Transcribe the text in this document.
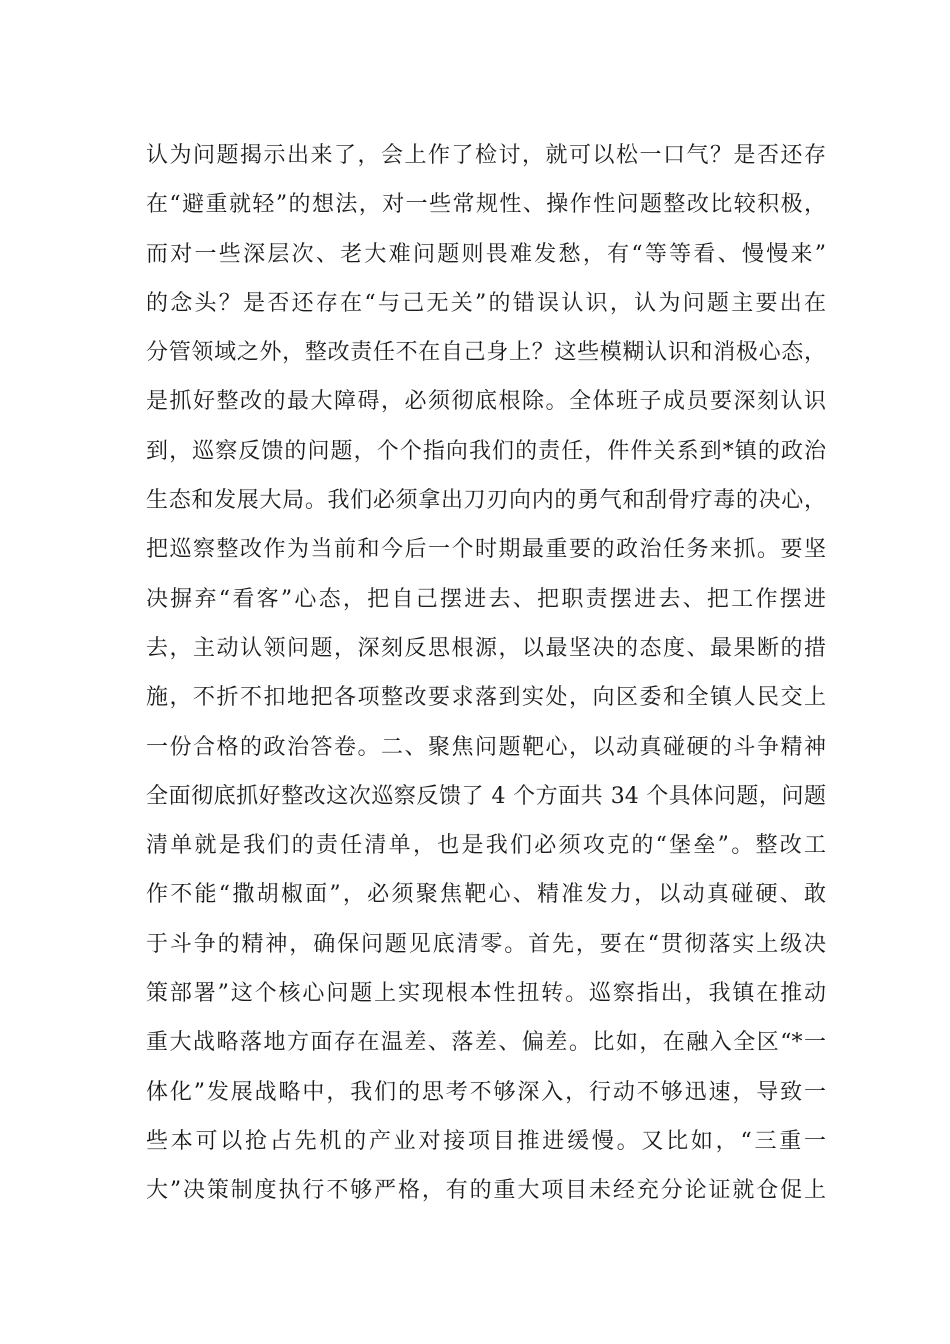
认为问题揭示出来了，会上作了检讨，就可以松一口气？是否还存
在“避重就轻”的想法，对一些常规性、操作性问题整改比较积极，
而对一些深层次、老大难问题则畏难发愁，有“等等看、慢慢来”
的念头？是否还存在“与己无关”的错误认识，认为问题主要出在
分管领域之外，整改责任不在自己身上？这些模糊认识和消极心态，
是抓好整改的最大障碍，必须彻底根除。全体班子成员要深刻认识
到，巡察反馈的问题，个个指向我们的责任，件件关系到*镇的政治
生态和发展大局。我们必须拿出刀刃向内的勇气和刮骨疗毒的决心，
把巡察整改作为当前和今后一个时期最重要的政治任务来抓。要坚
决摒弃“看客”心态，把自己摆进去、把职责摆进去、把工作摆进
去，主动认领问题，深刻反思根源，以最坚决的态度、最果断的措
施，不折不扣地把各项整改要求落到实处，向区委和全镇人民交上
一份合格的政治答卷。二、聚焦问题靶心，以动真碰硬的斗争精神
全面彻底抓好整改这次巡察反馈了 4 个方面共 34 个具体问题，问题
清单就是我们的责任清单，也是我们必须攻克的“堡垒”。整改工
作不能“撒胡椒面”，必须聚焦靶心、精准发力，以动真碰硬、敢
于斗争的精神，确保问题见底清零。首先，要在“贯彻落实上级决
策部署”这个核心问题上实现根本性扭转。巡察指出，我镇在推动
重大战略落地方面存在温差、落差、偏差。比如，在融入全区“*一
体化”发展战略中，我们的思考不够深入，行动不够迅速，导致一
些本可以抢占先机的产业对接项目推进缓慢。又比如，“三重一
大”决策制度执行不够严格，有的重大项目未经充分论证就仓促上
